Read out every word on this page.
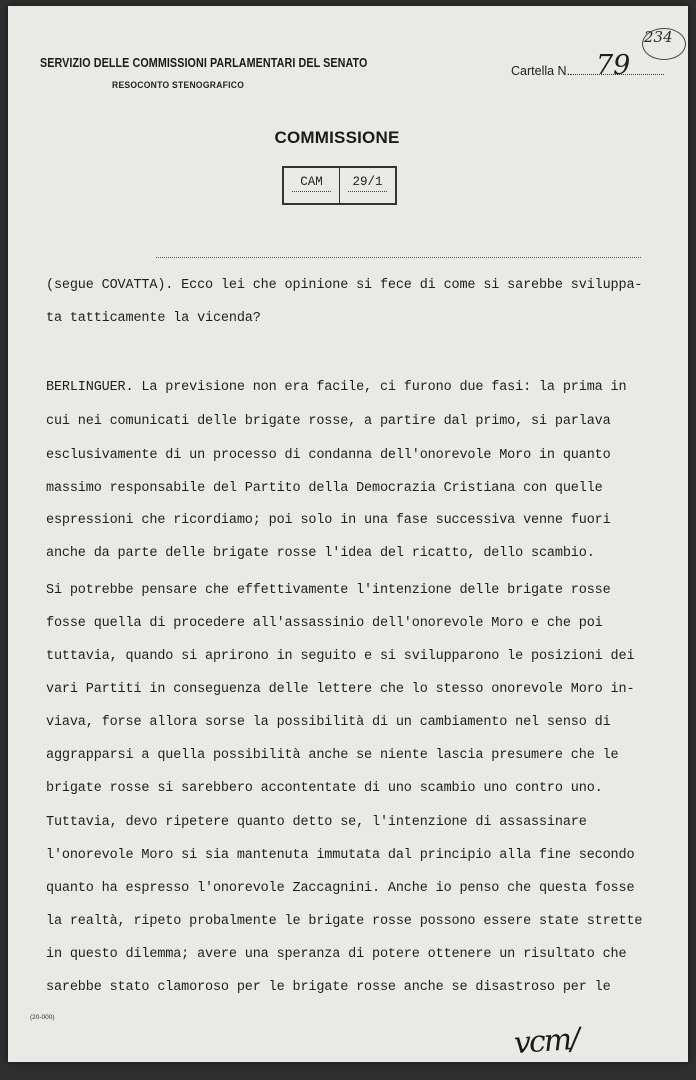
SERVIZIO DELLE COMMISSIONI PARLAMENTARI DEL SENATO
RESOCONTO STENOGRAFICO
Cartella N. 79
234
COMMISSIONE
CAM	29/1
(segue COVATTA). Ecco lei che opinione si fece di come si sarebbe sviluppa-
ta tatticamente la vicenda?
BERLINGUER. La previsione non era facile, ci furono due fasi: la prima in
cui nei comunicati delle brigate rosse, a partire dal primo, si parlava
esclusivamente di un processo di condanna dell'onorevole Moro in quanto
massimo responsabile del Partito della Democrazia Cristiana con quelle
espressioni che ricordiamo; poi solo in una fase successiva venne fuori
anche da parte delle brigate rosse l'idea del ricatto, dello scambio.
Si potrebbe pensare che effettivamente l'intenzione delle brigate rosse
fosse quella di procedere all'assassinio dell'onorevole Moro e che poi
tuttavia, quando si aprirono in seguito e si svilupparono le posizioni dei
vari Partiti in conseguenza delle lettere che lo stesso onorevole Moro in-
viava, forse allora sorse la possibilità di un cambiamento nel senso di
aggrapparsi a quella possibilità anche se niente lascia presumere che le
brigate rosse si sarebbero accontentate di uno scambio uno contro uno.
Tuttavia, devo ripetere quanto detto se, l'intenzione di assassinare
l'onorevole Moro si sia mantenuta immutata dal principio alla fine secondo
quanto ha espresso l'onorevole Zaccagnini. Anche io penso che questa fosse
la realtà, ripeto probalmente le brigate rosse possono essere state strette
in questo dilemma; avere una speranza di potere ottenere un risultato che
sarebbe stato clamoroso per le brigate rosse anche se disastroso per le
(20-000)
vcm/
